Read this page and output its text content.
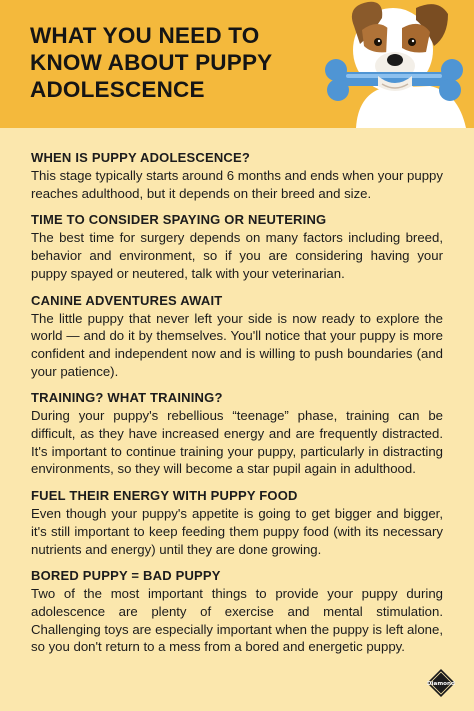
WHAT YOU NEED TO KNOW ABOUT PUPPY ADOLESCENCE
WHEN IS PUPPY ADOLESCENCE?

This stage typically starts around 6 months and ends when your puppy reaches adulthood, but it depends on their breed and size.

TIME TO CONSIDER SPAYING OR NEUTERING

The best time for surgery depends on many factors including breed, behavior and environment, so if you are considering having your puppy spayed or neutered, talk with your veterinarian.

CANINE ADVENTURES AWAIT

The little puppy that never left your side is now ready to explore the world — and do it by themselves. You'll notice that your puppy is more confident and independent now and is willing to push boundaries (and your patience).

TRAINING? WHAT TRAINING?

During your puppy's rebellious “teenage” phase, training can be difficult, as they have increased energy and are frequently distracted. It's important to continue training your puppy, particularly in distracting environments, so they will become a star pupil again in adulthood.

FUEL THEIR ENERGY WITH PUPPY FOOD

Even though your puppy's appetite is going to get bigger and bigger, it's still important to keep feeding them puppy food (with its necessary nutrients and energy) until they are done growing.

BORED PUPPY = BAD PUPPY

Two of the most important things to provide your puppy during adolescence are plenty of exercise and mental stimulation. Challenging toys are especially important when the puppy is left alone, so you don't return to a mess from a bored and energetic puppy.

Diamond
